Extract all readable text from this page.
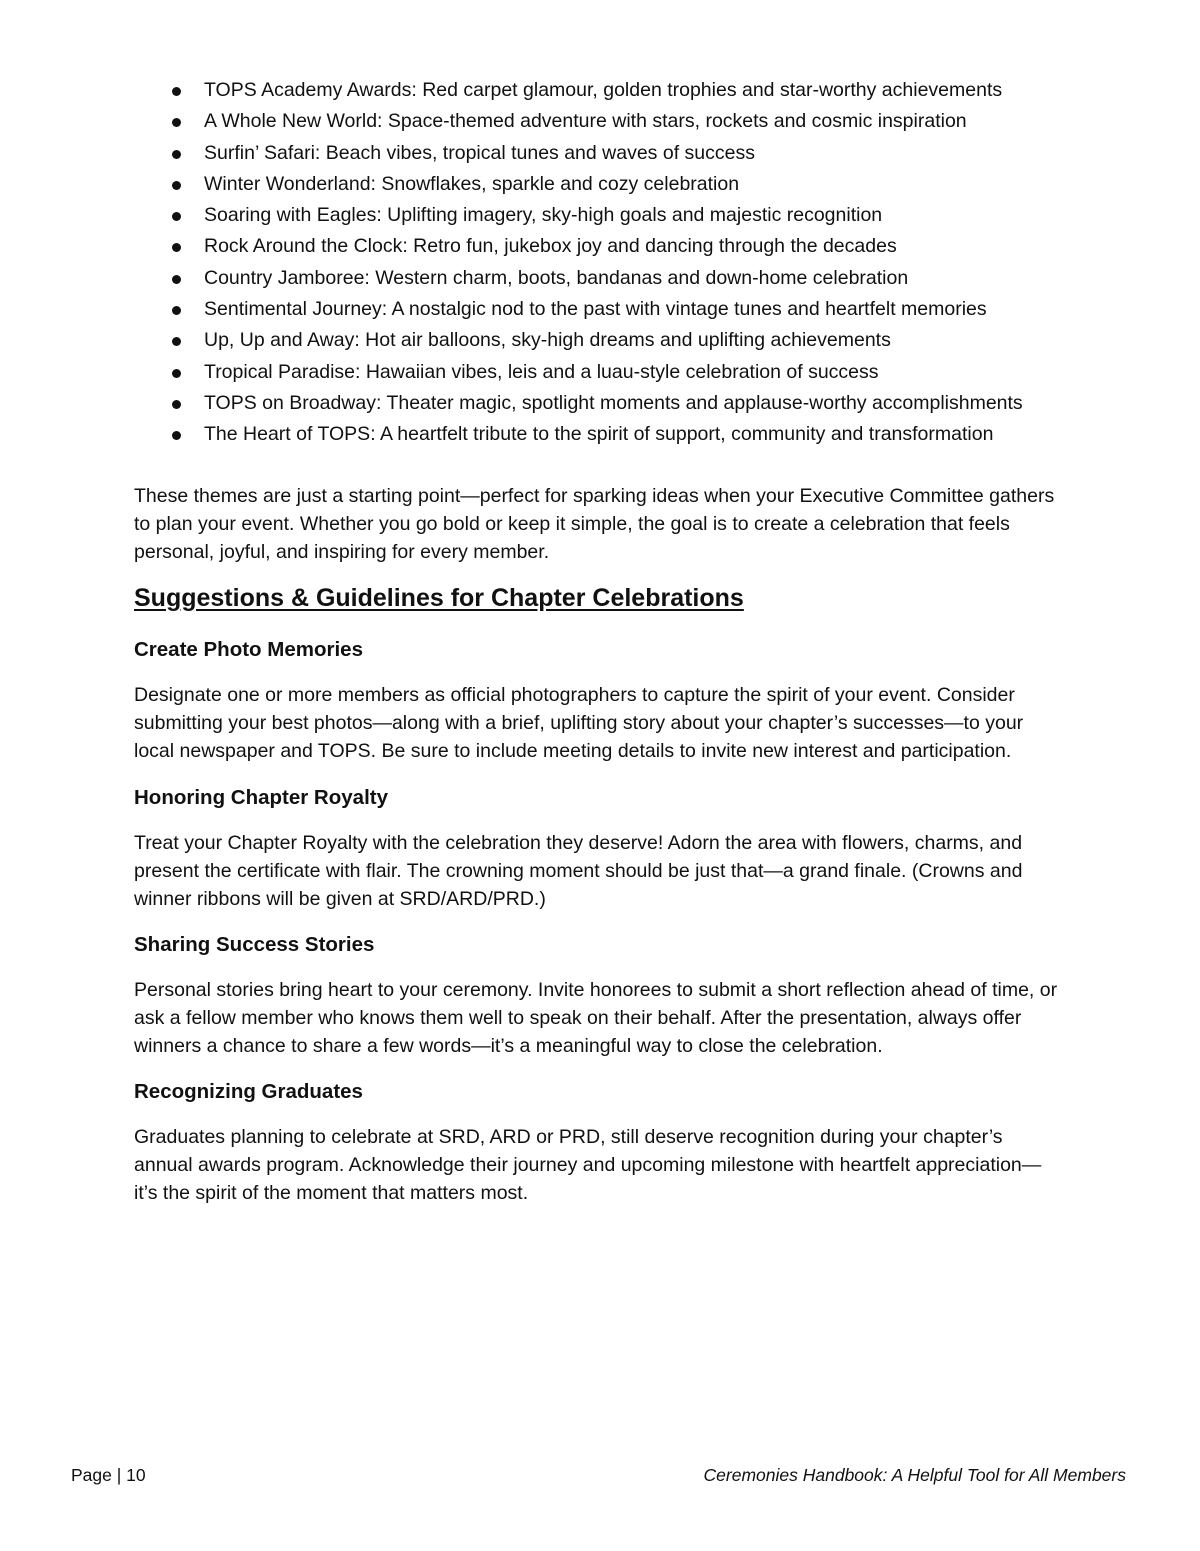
TOPS Academy Awards: Red carpet glamour, golden trophies and star-worthy achievements
A Whole New World: Space-themed adventure with stars, rockets and cosmic inspiration
Surfin’ Safari: Beach vibes, tropical tunes and waves of success
Winter Wonderland: Snowflakes, sparkle and cozy celebration
Soaring with Eagles: Uplifting imagery, sky-high goals and majestic recognition
Rock Around the Clock: Retro fun, jukebox joy and dancing through the decades
Country Jamboree: Western charm, boots, bandanas and down-home celebration
Sentimental Journey: A nostalgic nod to the past with vintage tunes and heartfelt memories
Up, Up and Away: Hot air balloons, sky-high dreams and uplifting achievements
Tropical Paradise: Hawaiian vibes, leis and a luau-style celebration of success
TOPS on Broadway: Theater magic, spotlight moments and applause-worthy accomplishments
The Heart of TOPS: A heartfelt tribute to the spirit of support, community and transformation

These themes are just a starting point—perfect for sparking ideas when your Executive Committee gathers to plan your event. Whether you go bold or keep it simple, the goal is to create a celebration that feels personal, joyful, and inspiring for every member.

Suggestions & Guidelines for Chapter Celebrations
Create Photo Memories

Designate one or more members as official photographers to capture the spirit of your event. Consider submitting your best photos—along with a brief, uplifting story about your chapter’s successes—to your local newspaper and TOPS. Be sure to include meeting details to invite new interest and participation.

Honoring Chapter Royalty

Treat your Chapter Royalty with the celebration they deserve! Adorn the area with flowers, charms, and present the certificate with flair. The crowning moment should be just that—a grand finale. (Crowns and winner ribbons will be given at SRD/ARD/PRD.)

Sharing Success Stories

Personal stories bring heart to your ceremony. Invite honorees to submit a short reflection ahead of time, or ask a fellow member who knows them well to speak on their behalf. After the presentation, always offer winners a chance to share a few words—it’s a meaningful way to close the celebration.

Recognizing Graduates

Graduates planning to celebrate at SRD, ARD or PRD, still deserve recognition during your chapter’s annual awards program. Acknowledge their journey and upcoming milestone with heartfelt appreciation—it’s the spirit of the moment that matters most.

Page | 10	Ceremonies Handbook: A Helpful Tool for All Members
